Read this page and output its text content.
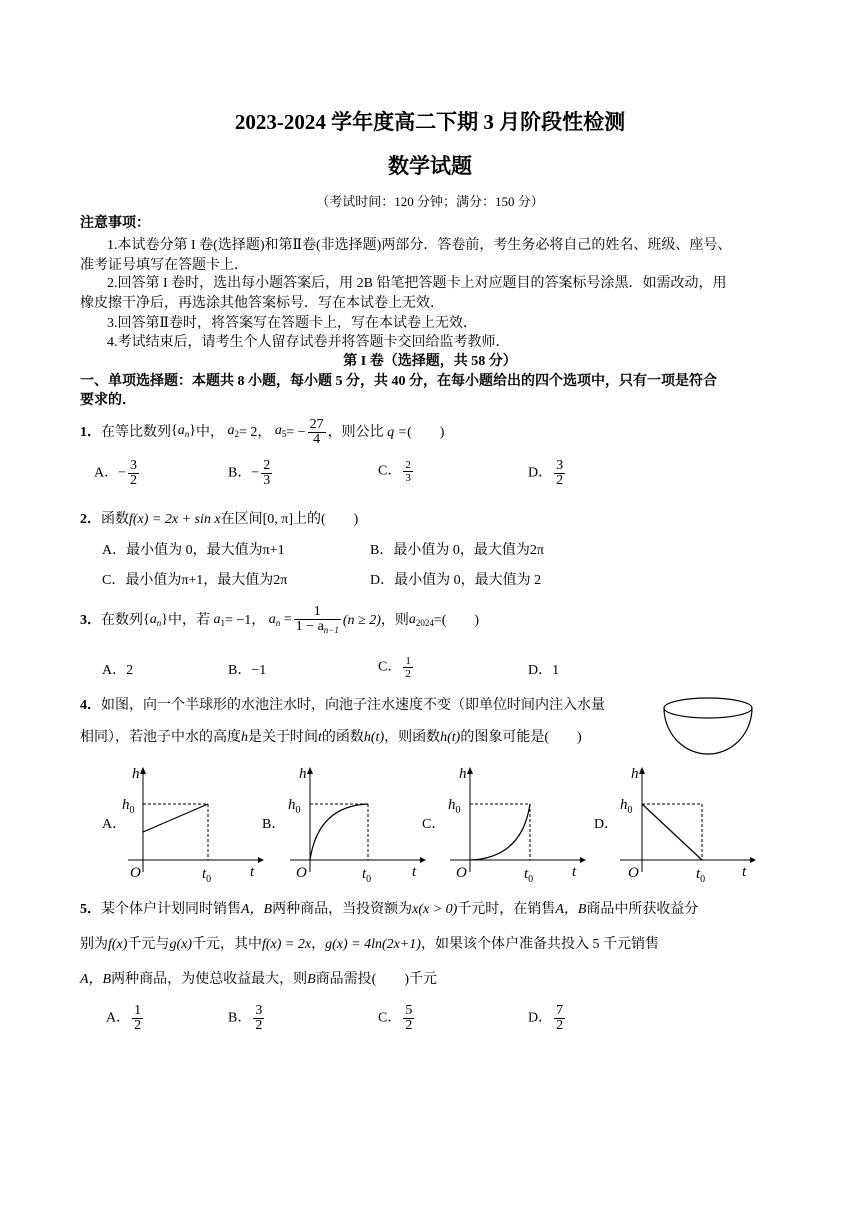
2023-2024 学年度高二下期 3 月阶段性检测
数学试题
（考试时间：120 分钟；满分：150 分）
注意事项：
1.本试卷分第 I 卷(选择题)和第Ⅱ卷(非选择题)两部分．答卷前，考生务必将自己的姓名、班级、座号、
准考证号填写在答题卡上．
2.回答第 I 卷时，选出每小题答案后，用 2B 铅笔把答题卡上对应题目的答案标号涂黑．如需改动，用
橡皮擦干净后，再选涂其他答案标号．写在本试卷上无效．
3.回答第Ⅱ卷时，将答案写在答题卡上，写在本试卷上无效．
4.考试结束后，请考生个人留存试卷并将答题卡交回给监考教师．
第 I 卷（选择题，共 58 分）
一、单项选择题：本题共 8 小题，每小题 5 分，共 40 分，在每小题给出的四个选项中，只有一项是符合
要求的．
1． 在等比数列 $\{a_n\}$ 中， $a_2 = 2$ ， $a_5$ = − $\frac{27}{4}$ ，则公比 q = (　　)
A．− $\frac{3}{2}$	B．− $\frac{2}{3}$	C． $\frac{2}{3}$	D． $\frac{3}{2}$
2．函数f(x) = 2x + sin x在区间[0, π]上的(　　)
A．最小值为 0，最大值为π+1	B．最小值为 0，最大值为2π
C．最小值为π+1，最大值为2π	D．最小值为 0，最大值为 2
3． 在数列 $\{a_n\}$ 中，若 $a_1 = -1$ ， $a_n = \frac{1}{1 - a_{n-1}} (n \ge 2)$ ，则 $a_{2024}$ =(　　)
A．2	B．−1	C． $\frac{1}{2}$	D．1
4．如图，向一个半球形的水池注水时，向池子注水速度不变（即单位时间内注入水量
相同），若池子中水的高度h是关于时间t的函数h(t)，则函数h(t)的图象可能是(　　)
A．	B．	C．	D．
h
$h_0$
O	$t_0$	t
h
$h_0$
O	$t_0$	t
h
$h_0$
O	$t_0$	t
h
$h_0$
O	$t_0$ t
5．某个体户计划同时销售A，B两种商品，当投资额为x(x > 0)千元时，在销售A，B商品中所获收益分
别为f(x)千元与g(x)千元，其中f(x) = 2x，g(x) = 4ln(2x+1)，如果该个体户准备共投入 5 千元销售
A，B两种商品，为使总收益最大，则B商品需投(　　)千元
A． $\frac{1}{2}$	B． $\frac{3}{2}$	C． $\frac{5}{2}$	D． $\frac{7}{2}$
